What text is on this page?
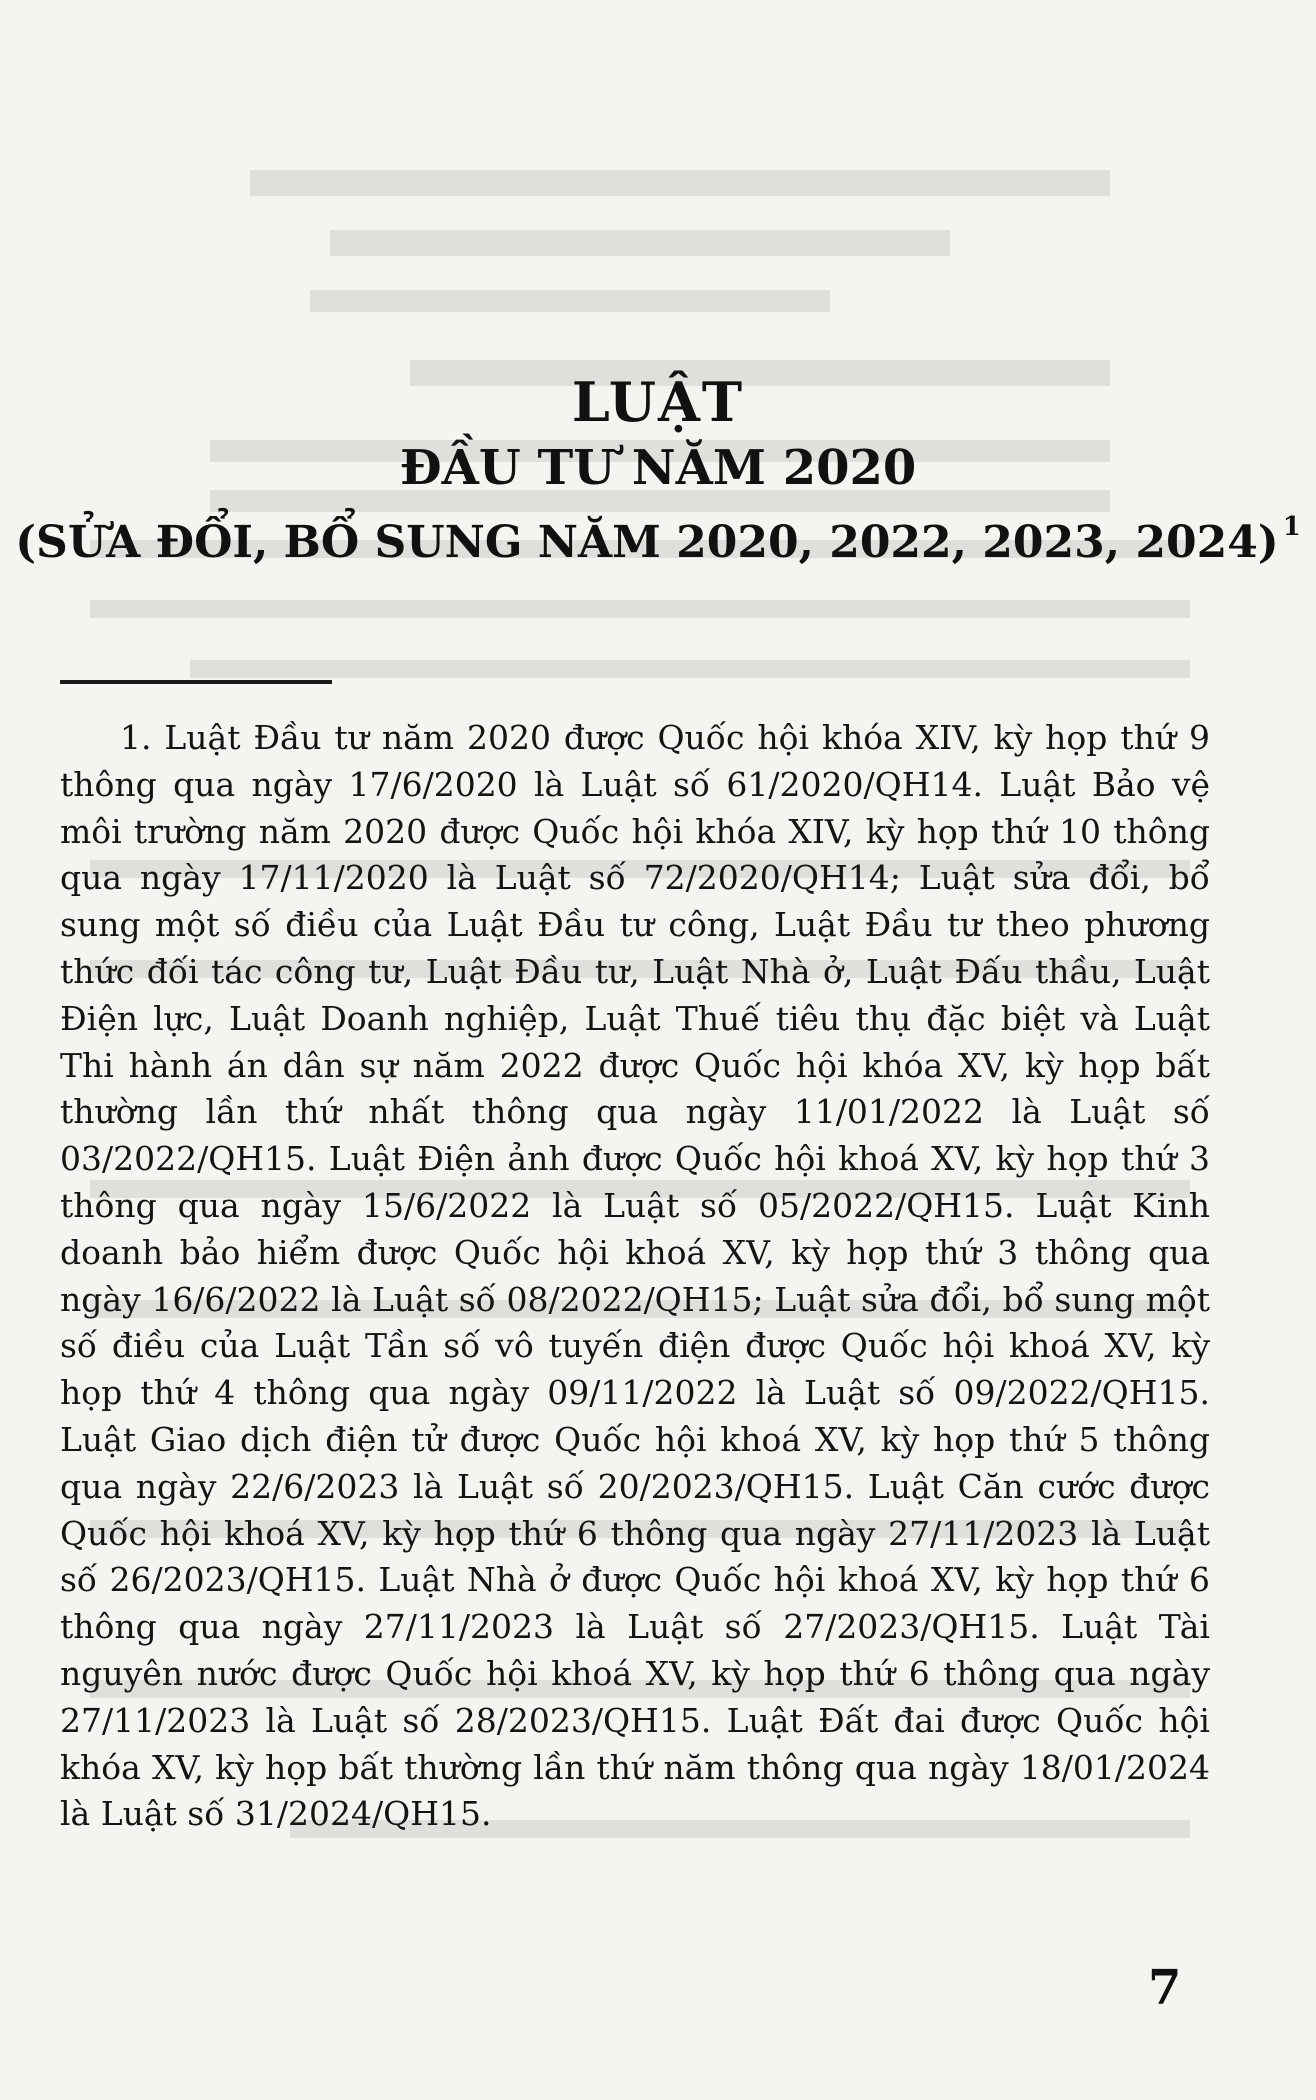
LUẬT
ĐẦU TƯ NĂM 2020
(SỬA ĐỔI, BỔ SUNG NĂM 2020, 2022, 2023, 2024) $^1$
1. Luật Đầu tư năm 2020 được Quốc hội khóa XIV, kỳ họp thứ 9 thông qua ngày 17/6/2020 là Luật số 61/2020/QH14. Luật Bảo vệ môi trường năm 2020 được Quốc hội khóa XIV, kỳ họp thứ 10 thông qua ngày 17/11/2020 là Luật số 72/2020/QH14; Luật sửa đổi, bổ sung một số điều của Luật Đầu tư công, Luật Đầu tư theo phương thức đối tác công tư, Luật Đầu tư, Luật Nhà ở, Luật Đấu thầu, Luật Điện lực, Luật Doanh nghiệp, Luật Thuế tiêu thụ đặc biệt và Luật Thi hành án dân sự năm 2022 được Quốc hội khóa XV, kỳ họp bất thường lần thứ nhất thông qua ngày 11/01/2022 là Luật số 03/2022/QH15. Luật Điện ảnh được Quốc hội khoá XV, kỳ họp thứ 3 thông qua ngày 15/6/2022 là Luật số 05/2022/QH15. Luật Kinh doanh bảo hiểm được Quốc hội khoá XV, kỳ họp thứ 3 thông qua ngày 16/6/2022 là Luật số 08/2022/QH15; Luật sửa đổi, bổ sung một số điều của Luật Tần số vô tuyến điện được Quốc hội khoá XV, kỳ họp thứ 4 thông qua ngày 09/11/2022 là Luật số 09/2022/QH15. Luật Giao dịch điện tử được Quốc hội khoá XV, kỳ họp thứ 5 thông qua ngày 22/6/2023 là Luật số 20/2023/QH15. Luật Căn cước được Quốc hội khoá XV, kỳ họp thứ 6 thông qua ngày 27/11/2023 là Luật số 26/2023/QH15. Luật Nhà ở được Quốc hội khoá XV, kỳ họp thứ 6 thông qua ngày 27/11/2023 là Luật số 27/2023/QH15. Luật Tài nguyên nước được Quốc hội khoá XV, kỳ họp thứ 6 thông qua ngày 27/11/2023 là Luật số 28/2023/QH15. Luật Đất đai được Quốc hội khóa XV, kỳ họp bất thường lần thứ năm thông qua ngày 18/01/2024 là Luật số 31/2024/QH15.
7
